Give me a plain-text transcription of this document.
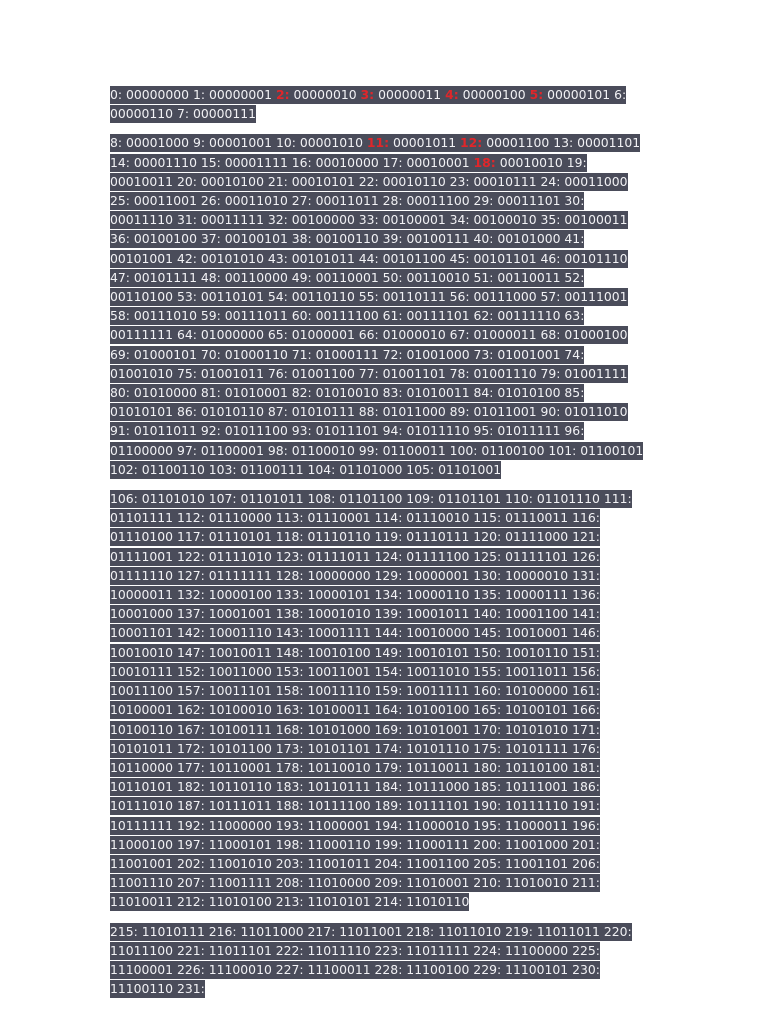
0: 00000000 1: 00000001 2: 00000010 3: 00000011 4: 00000100 5: 00000101 6: 00000110 7: 00000111

8: 00001000 9: 00001001 10: 00001010 11: 00001011 12: 00001100 13: 00001101 14: 00001110 15: 00001111 16: 00010000 17: 00010001 18: 00010010 19: 00010011 20: 00010100 21: 00010101 22: 00010110 23: 00010111 24: 00011000 25: 00011001 26: 00011010 27: 00011011 28: 00011100 29: 00011101 30: 00011110 31: 00011111 32: 00100000 33: 00100001 34: 00100010 35: 00100011 36: 00100100 37: 00100101 38: 00100110 39: 00100111 40: 00101000 41: 00101001 42: 00101010 43: 00101011 44: 00101100 45: 00101101 46: 00101110 47: 00101111 48: 00110000 49: 00110001 50: 00110010 51: 00110011 52: 00110100 53: 00110101 54: 00110110 55: 00110111 56: 00111000 57: 00111001 58: 00111010 59: 00111011 60: 00111100 61: 00111101 62: 00111110 63: 00111111 64: 01000000 65: 01000001 66: 01000010 67: 01000011 68: 01000100 69: 01000101 70: 01000110 71: 01000111 72: 01001000 73: 01001001 74: 01001010 75: 01001011 76: 01001100 77: 01001101 78: 01001110 79: 01001111 80: 01010000 81: 01010001 82: 01010010 83: 01010011 84: 01010100 85: 01010101 86: 01010110 87: 01010111 88: 01011000 89: 01011001 90: 01011010 91: 01011011 92: 01011100 93: 01011101 94: 01011110 95: 01011111 96: 01100000 97: 01100001 98: 01100010 99: 01100011 100: 01100100 101: 01100101 102: 01100110 103: 01100111 104: 01101000 105: 01101001

106: 01101010 107: 01101011 108: 01101100 109: 01101101 110: 01101110 111: 01101111 112: 01110000 113: 01110001 114: 01110010 115: 01110011 116: 01110100 117: 01110101 118: 01110110 119: 01110111 120: 01111000 121: 01111001 122: 01111010 123: 01111011 124: 01111100 125: 01111101 126: 01111110 127: 01111111 128: 10000000 129: 10000001 130: 10000010 131: 10000011 132: 10000100 133: 10000101 134: 10000110 135: 10000111 136: 10001000 137: 10001001 138: 10001010 139: 10001011 140: 10001100 141: 10001101 142: 10001110 143: 10001111 144: 10010000 145: 10010001 146: 10010010 147: 10010011 148: 10010100 149: 10010101 150: 10010110 151: 10010111 152: 10011000 153: 10011001 154: 10011010 155: 10011011 156: 10011100 157: 10011101 158: 10011110 159: 10011111 160: 10100000 161: 10100001 162: 10100010 163: 10100011 164: 10100100 165: 10100101 166: 10100110 167: 10100111 168: 10101000 169: 10101001 170: 10101010 171: 10101011 172: 10101100 173: 10101101 174: 10101110 175: 10101111 176: 10110000 177: 10110001 178: 10110010 179: 10110011 180: 10110100 181: 10110101 182: 10110110 183: 10110111 184: 10111000 185: 10111001 186: 10111010 187: 10111011 188: 10111100 189: 10111101 190: 10111110 191: 10111111 192: 11000000 193: 11000001 194: 11000010 195: 11000011 196: 11000100 197: 11000101 198: 11000110 199: 11000111 200: 11001000 201: 11001001 202: 11001010 203: 11001011 204: 11001100 205: 11001101 206: 11001110 207: 11001111 208: 11010000 209: 11010001 210: 11010010 211: 11010011 212: 11010100 213: 11010101 214: 11010110

215: 11010111 216: 11011000 217: 11011001 218: 11011010 219: 11011011 220: 11011100 221: 11011101 222: 11011110 223: 11011111 224: 11100000 225: 11100001 226: 11100010 227: 11100011 228: 11100100 229: 11100101 230: 11100110 231:
